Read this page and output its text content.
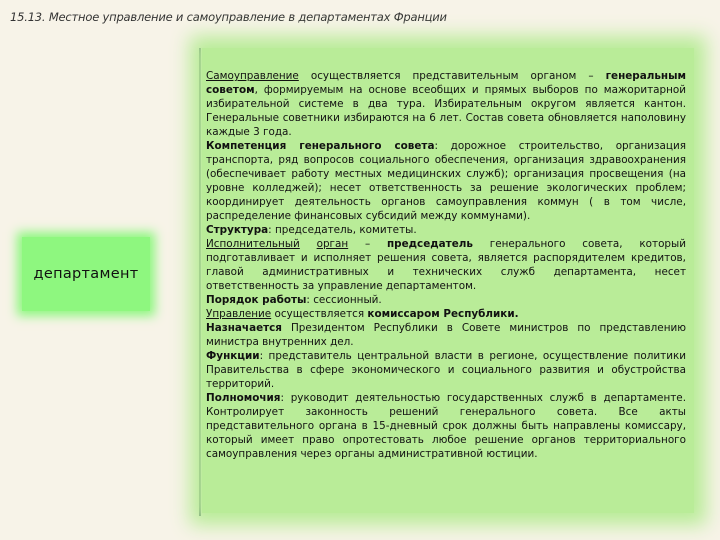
15.13. Местное управление и самоуправление в департаментах Франции
департамент

Самоуправление осуществляется представительным органом – генеральным советом, формируемым на основе всеобщих и прямых выборов по мажоритарной избирательной системе в два тура. Избирательным округом является кантон. Генеральные советники избираются на 6 лет. Состав совета обновляется наполовину каждые 3 года.

Компетенция генерального совета: дорожное строительство, организация транспорта, ряд вопросов социального обеспечения, организация здравоохранения (обеспечивает работу местных медицинских служб); организация просвещения (на уровне колледжей); несет ответственность за решение экологических проблем; координирует деятельность органов самоуправления коммун ( в том числе, распределение финансовых субсидий между коммунами).

Структура: председатель, комитеты.

Исполнительный орган – председатель генерального совета, который подготавливает и исполняет решения совета, является распорядителем кредитов, главой административных и технических служб департамента, несет ответственность за управление департаментом.

Порядок работы: сессионный.

Управление осуществляется комиссаром Республики.

Назначается Президентом Республики в Совете министров по представлению министра внутренних дел.

Функции: представитель центральной власти в регионе, осуществление политики Правительства в сфере экономического и социального развития и обустройства территорий.

Полномочия: руководит деятельностью государственных служб в департаменте. Контролирует законность решений генерального совета. Все акты представительного органа в 15-дневный срок должны быть направлены комиссару, который имеет право опротестовать любое решение органов территориального самоуправления через органы административной юстиции.
